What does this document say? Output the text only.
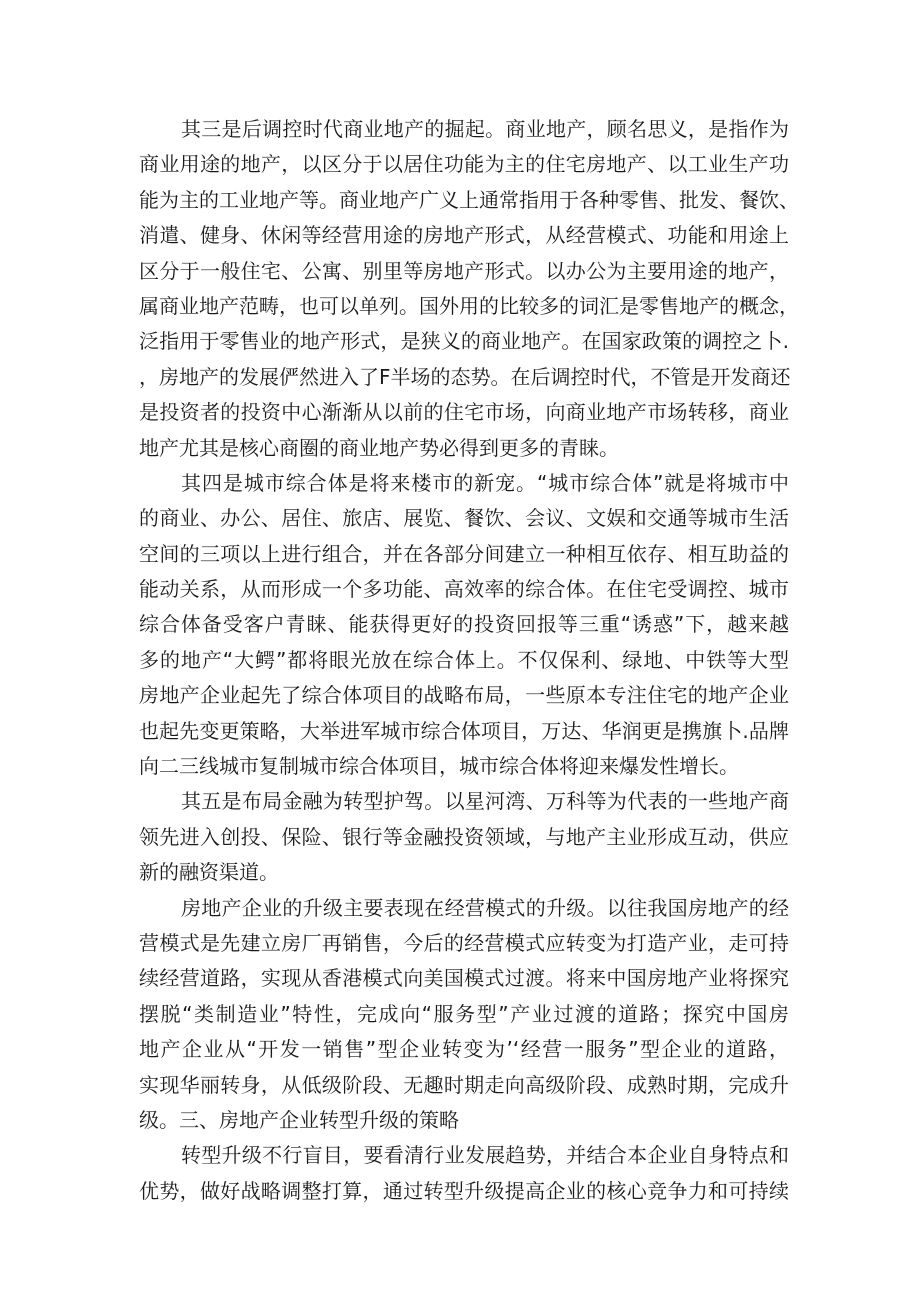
其三是后调控时代商业地产的掘起。商业地产，顾名思义，是指作为
商业用途的地产，以区分于以居住功能为主的住宅房地产、以工业生产功
能为主的工业地产等。商业地产广义上通常指用于各种零售、批发、餐饮、
消遣、健身、休闲等经营用途的房地产形式，从经营模式、功能和用途上
区分于一般住宅、公寓、别里等房地产形式。以办公为主要用途的地产，
属商业地产范畴，也可以单列。国外用的比较多的词汇是零售地产的概念，
泛指用于零售业的地产形式，是狭义的商业地产。在国家政策的调控之卜.
，房地产的发展俨然进入了F半场的态势。在后调控时代，不管是开发商还
是投资者的投资中心渐渐从以前的住宅市场，向商业地产市场转移，商业
地产尤其是核心商圈的商业地产势必得到更多的青睐。
其四是城市综合体是将来楼市的新宠。“城市综合体”就是将城市中
的商业、办公、居住、旅店、展览、餐饮、会议、文娱和交通等城市生活
空间的三项以上进行组合，并在各部分间建立一种相互依存、相互助益的
能动关系，从而形成一个多功能、高效率的综合体。在住宅受调控、城市
综合体备受客户青睐、能获得更好的投资回报等三重“诱惑”下，越来越
多的地产“大鳄”都将眼光放在综合体上。不仅保利、绿地、中铁等大型
房地产企业起先了综合体项目的战略布局，一些原本专注住宅的地产企业
也起先变更策略，大举进军城市综合体项目，万达、华润更是携旗卜.品牌
向二三线城市复制城市综合体项目，城市综合体将迎来爆发性增长。
其五是布局金融为转型护驾。以星河湾、万科等为代表的一些地产商
领先进入创投、保险、银行等金融投资领域，与地产主业形成互动，供应
新的融资渠道。
房地产企业的升级主要表现在经营模式的升级。以往我国房地产的经
营模式是先建立房厂再销售，今后的经营模式应转变为打造产业，走可持
续经营道路，实现从香港模式向美国模式过渡。将来中国房地产业将探究
摆脱“类制造业”特性，完成向“服务型”产业过渡的道路；探究中国房
地产企业从“开发一销售”型企业转变为’‘经营一服务”型企业的道路，
实现华丽转身，从低级阶段、无趣时期走向高级阶段、成熟时期，完成升
级。三、房地产企业转型升级的策略
转型升级不行盲目，要看清行业发展趋势，并结合本企业自身特点和
优势，做好战略调整打算，通过转型升级提高企业的核心竞争力和可持续
